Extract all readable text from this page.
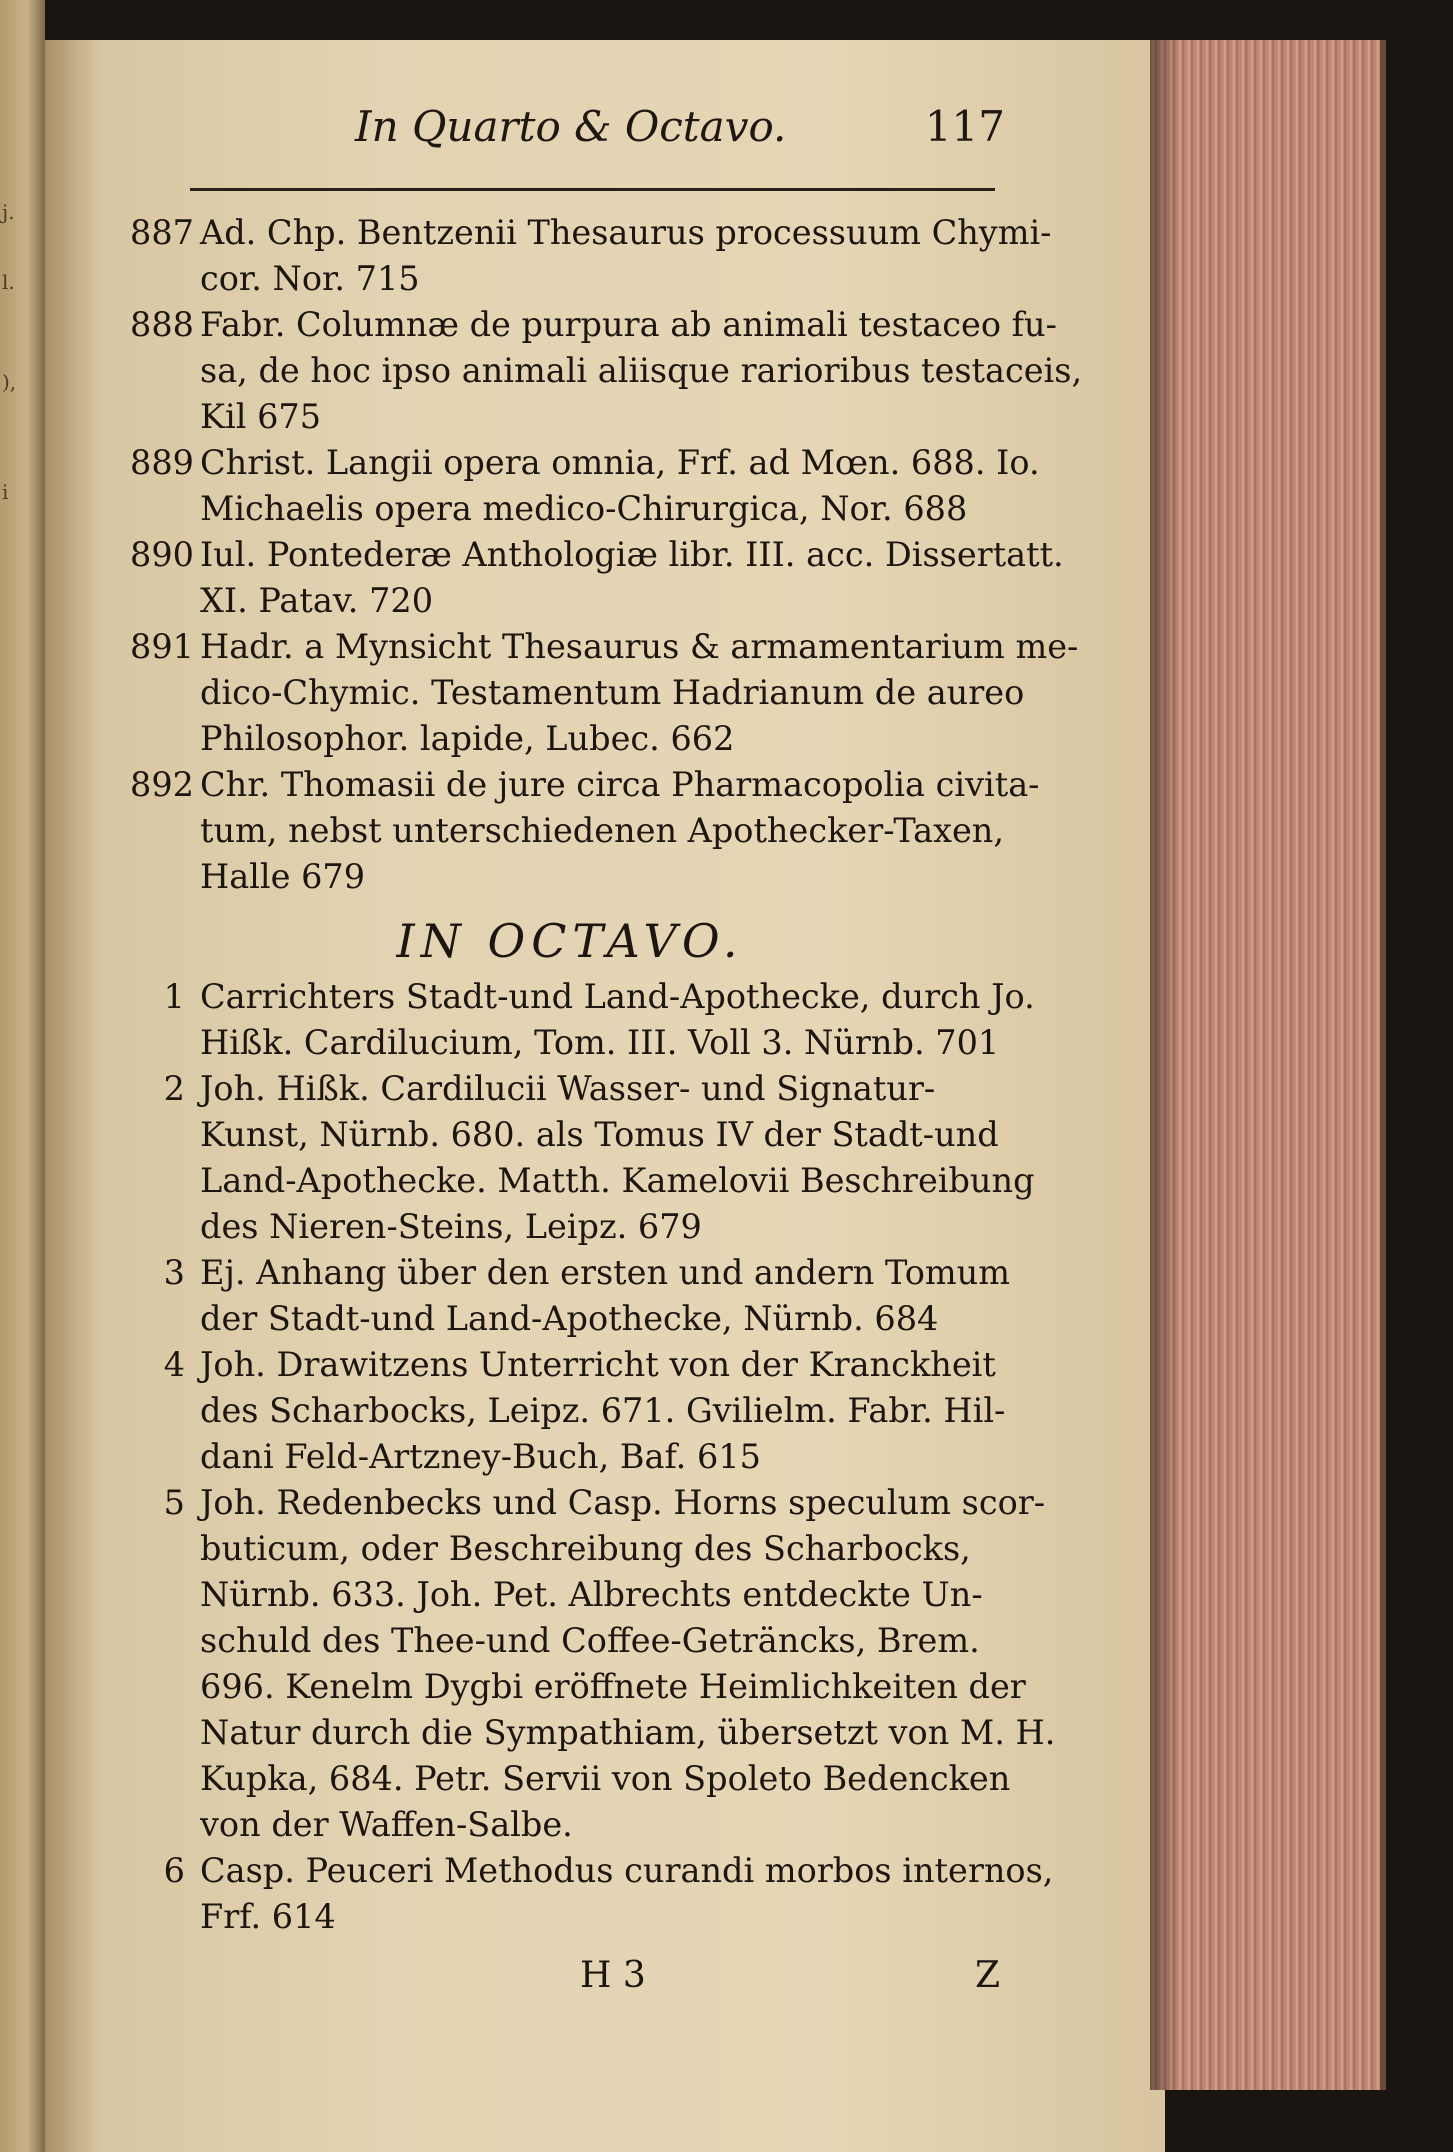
j.
l.
),
i
In Quarto & Octavo.	117
887 Ad. Chp. Bentzenii Thesaurus processuum Chymi-
cor. Nor. 715
888 Fabr. Columnæ de purpura ab animali testaceo fu-
sa, de hoc ipso animali aliisque rarioribus testaceis,
Kil 675
889 Christ. Langii opera omnia, Frf. ad Mœn. 688. Io.
Michaelis opera medico-Chirurgica, Nor. 688
890 Iul. Pontederæ Anthologiæ libr. III. acc. Dissertatt.
XI. Patav. 720
891 Hadr. a Mynsicht Thesaurus & armamentarium me-
dico-Chymic. Testamentum Hadrianum de aureo
Philosophor. lapide, Lubec. 662
892 Chr. Thomasii de jure circa Pharmacopolia civita-
tum, nebst unterschiedenen Apothecker-Taxen,
Halle 679
IN OCTAVO.
1 Carrichters Stadt-und Land-Apothecke, durch Jo.
Hißk. Cardilucium, Tom. III. Voll 3. Nürnb. 701
2 Joh. Hißk. Cardilucii Wasser- und Signatur-
Kunst, Nürnb. 680. als Tomus IV der Stadt-und
Land-Apothecke. Matth. Kamelovii Beschreibung
des Nieren-Steins, Leipz. 679
3 Ej. Anhang über den ersten und andern Tomum
der Stadt-und Land-Apothecke, Nürnb. 684
4 Joh. Drawitzens Unterricht von der Kranckheit
des Scharbocks, Leipz. 671. Gvilielm. Fabr. Hil-
dani Feld-Artzney-Buch, Baf. 615
5 Joh. Redenbecks und Casp. Horns speculum scor-
buticum, oder Beschreibung des Scharbocks,
Nürnb. 633. Joh. Pet. Albrechts entdeckte Un-
schuld des Thee-und Coffee-Geträncks, Brem.
696. Kenelm Dygbi eröffnete Heimlichkeiten der
Natur durch die Sympathiam, übersetzt von M. H.
Kupka, 684. Petr. Servii von Spoleto Bedencken
von der Waffen-Salbe.
6 Casp. Peuceri Methodus curandi morbos internos,
Frf. 614
H 3	Z
